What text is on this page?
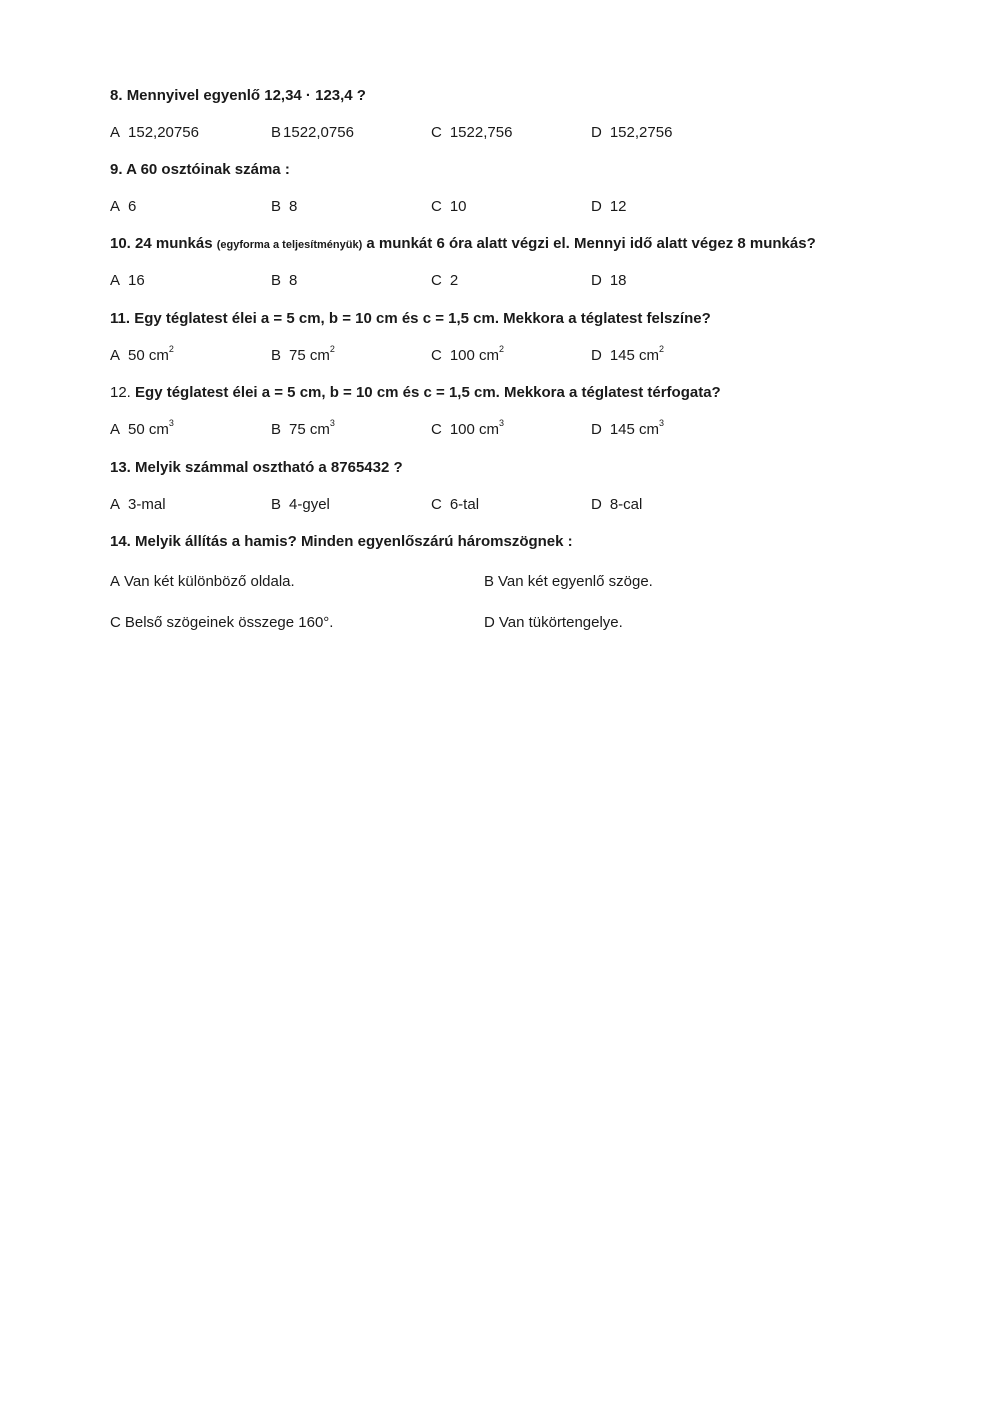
8. Mennyivel egyenlő 12,34 · 123,4 ?
A 152,20756	B 1522,0756	C 1522,756	D 152,2756
9. A 60 osztóinak száma :
A 6	B 8	C 10	D 12
10. 24 munkás (egyforma a teljesítményük) a munkát 6 óra alatt végzi el. Mennyi idő alatt végez 8 munkás?
A 16	B 8	C 2	D 18
11. Egy téglatest élei a = 5 cm, b = 10 cm és c = 1,5 cm. Mekkora a téglatest felszíne?
A 50 $cm^2$	B 75 $cm^2$	C 100 $cm^2$	D 145 $cm^2$
12. Egy téglatest élei a = 5 cm, b = 10 cm és c = 1,5 cm. Mekkora a téglatest térfogata?
A 50 $cm^3$	B 75 $cm^3$	C 100 $cm^3$	D 145 $cm^3$
13. Melyik számmal osztható a 8765432 ?
A 3-mal	B 4-gyel	C 6-tal	D 8-cal
14. Melyik állítás a hamis? Minden egyenlőszárú háromszögnek :
A Van két különböző oldala.	B Van két egyenlő szöge.
C Belső szögeinek összege 160°.	D Van tükörtengelye.
